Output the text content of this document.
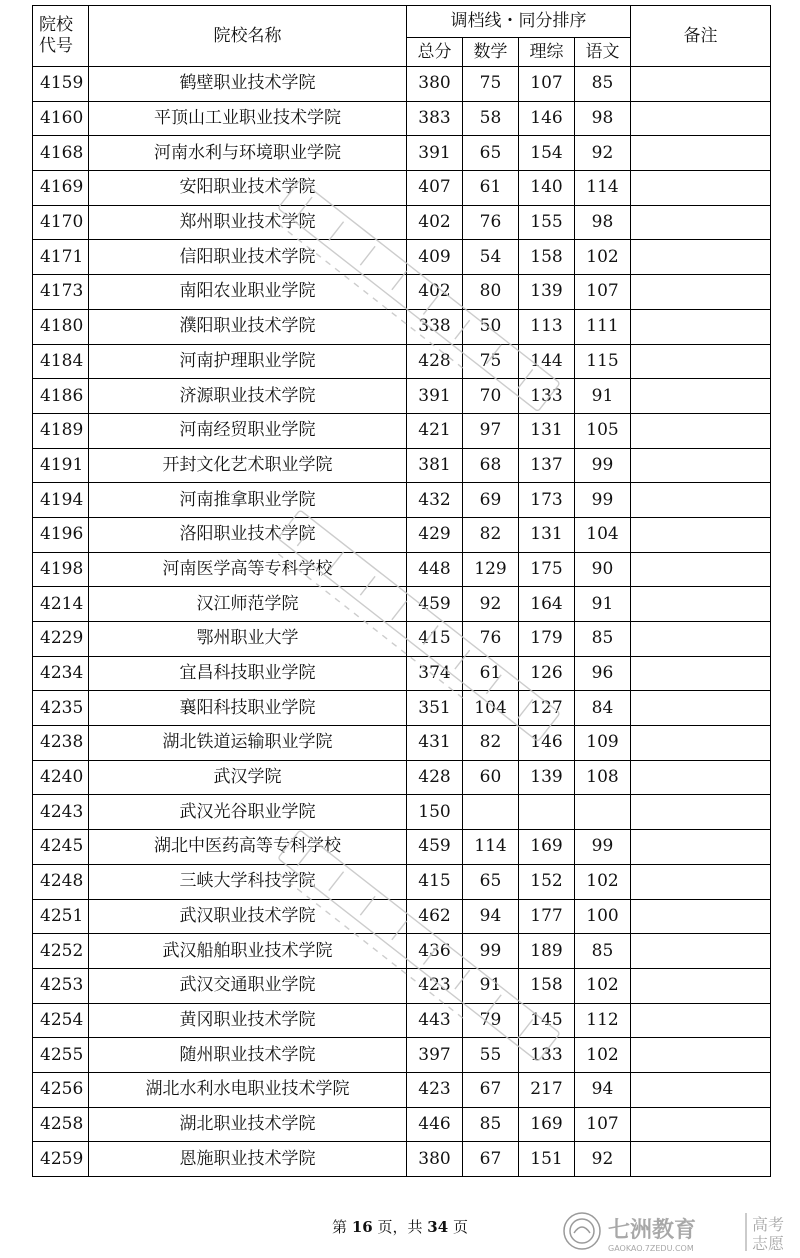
院校
代号	院校名称	调档线・同分排序				备注
		总分	数学	理综	语文	
4159	鹤壁职业技术学院	380	75	107	85	
4160	平顶山工业职业技术学院	383	58	146	98	
4168	河南水利与环境职业学院	391	65	154	92	
4169	安阳职业技术学院	407	61	140	114	
4170	郑州职业技术学院	402	76	155	98	
4171	信阳职业技术学院	409	54	158	102	
4173	南阳农业职业学院	402	80	139	107	
4180	濮阳职业技术学院	338	50	113	111	
4184	河南护理职业学院	428	75	144	115	
4186	济源职业技术学院	391	70	133	91	
4189	河南经贸职业学院	421	97	131	105	
4191	开封文化艺术职业学院	381	68	137	99	
4194	河南推拿职业学院	432	69	173	99	
4196	洛阳职业技术学院	429	82	131	104	
4198	河南医学高等专科学校	448	129	175	90	
4214	汉江师范学院	459	92	164	91	
4229	鄂州职业大学	415	76	179	85	
4234	宜昌科技职业学院	374	61	126	96	
4235	襄阳科技职业学院	351	104	127	84	
4238	湖北铁道运输职业学院	431	82	146	109	
4240	武汉学院	428	60	139	108	
4243	武汉光谷职业学院	150				
4245	湖北中医药高等专科学校	459	114	169	99	
4248	三峡大学科技学院	415	65	152	102	
4251	武汉职业技术学院	462	94	177	100	
4252	武汉船舶职业技术学院	436	99	189	85	
4253	武汉交通职业学院	423	91	158	102	
4254	黄冈职业技术学院	443	79	145	112	
4255	随州职业技术学院	397	55	133	102	
4256	湖北水利水电职业技术学院	423	67	217	94	
4258	湖北职业技术学院	446	85	169	107	
4259	恩施职业技术学院	380	67	151	92	
第 16 页，共 34 页	七洲教育
GAOKAO.7ZEDU.COM
高考
志愿
